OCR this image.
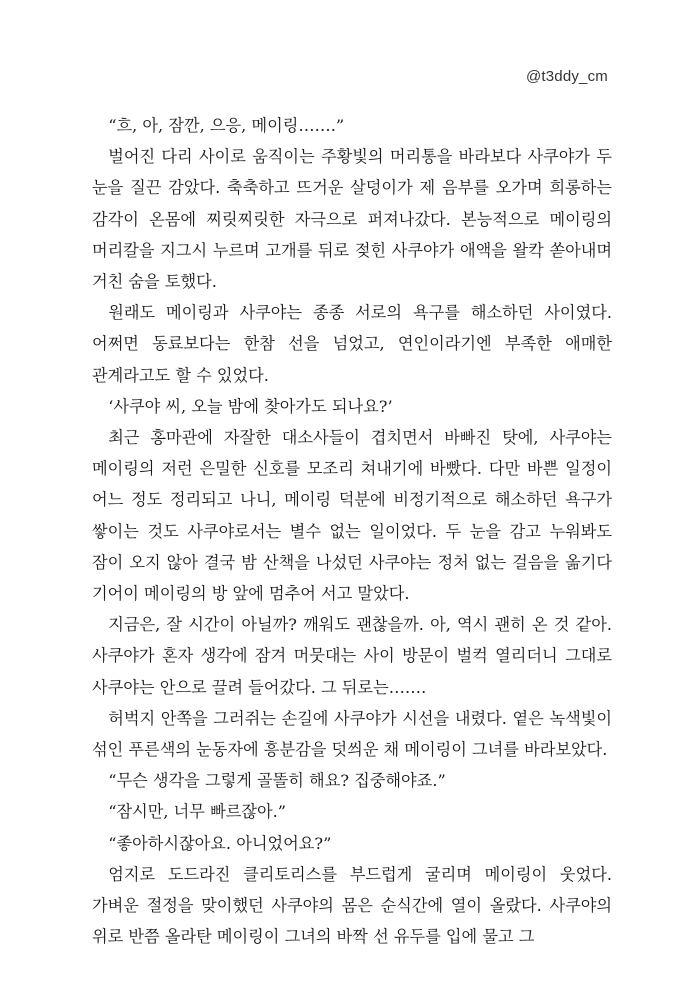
@t3ddy_cm

“흐, 아, 잠깐, 으응, 메이링…….”

벌어진 다리 사이로 움직이는 주황빛의 머리통을 바라보다 사쿠야가 두 눈을 질끈 감았다. 축축하고 뜨거운 살덩이가 제 음부를 오가며 희롱하는 감각이 온몸에 찌릿찌릿한 자극으로 퍼져나갔다. 본능적으로 메이링의 머리칼을 지그시 누르며 고개를 뒤로 젖힌 사쿠야가 애액을 왈칵 쏟아내며 거친 숨을 토했다.

원래도 메이링과 사쿠야는 종종 서로의 욕구를 해소하던 사이였다. 어쩌면 동료보다는 한참 선을 넘었고, 연인이라기엔 부족한 애매한 관계라고도 할 수 있었다.

‘사쿠야 씨, 오늘 밤에 찾아가도 되나요?’

최근 홍마관에 자잘한 대소사들이 겹치면서 바빠진 탓에, 사쿠야는 메이링의 저런 은밀한 신호를 모조리 쳐내기에 바빴다. 다만 바쁜 일정이 어느 정도 정리되고 나니, 메이링 덕분에 비정기적으로 해소하던 욕구가 쌓이는 것도 사쿠야로서는 별수 없는 일이었다. 두 눈을 감고 누워봐도 잠이 오지 않아 결국 밤 산책을 나섰던 사쿠야는 정처 없는 걸음을 옮기다 기어이 메이링의 방 앞에 멈추어 서고 말았다.

지금은, 잘 시간이 아닐까? 깨워도 괜찮을까. 아, 역시 괜히 온 것 같아. 사쿠야가 혼자 생각에 잠겨 머뭇대는 사이 방문이 벌컥 열리더니 그대로 사쿠야는 안으로 끌려 들어갔다. 그 뒤로는…….

허벅지 안쪽을 그러쥐는 손길에 사쿠야가 시선을 내렸다. 옅은 녹색빛이 섞인 푸른색의 눈동자에 흥분감을 덧씌운 채 메이링이 그녀를 바라보았다.

“무슨 생각을 그렇게 골똘히 해요? 집중해야죠.”

“잠시만, 너무 빠르잖아.”

“좋아하시잖아요. 아니었어요?”

엄지로 도드라진 클리토리스를 부드럽게 굴리며 메이링이 웃었다. 가벼운 절정을 맞이했던 사쿠야의 몸은 순식간에 열이 올랐다. 사쿠야의 위로 반쯤 올라탄 메이링이 그녀의 바짝 선 유두를 입에 물고 그
